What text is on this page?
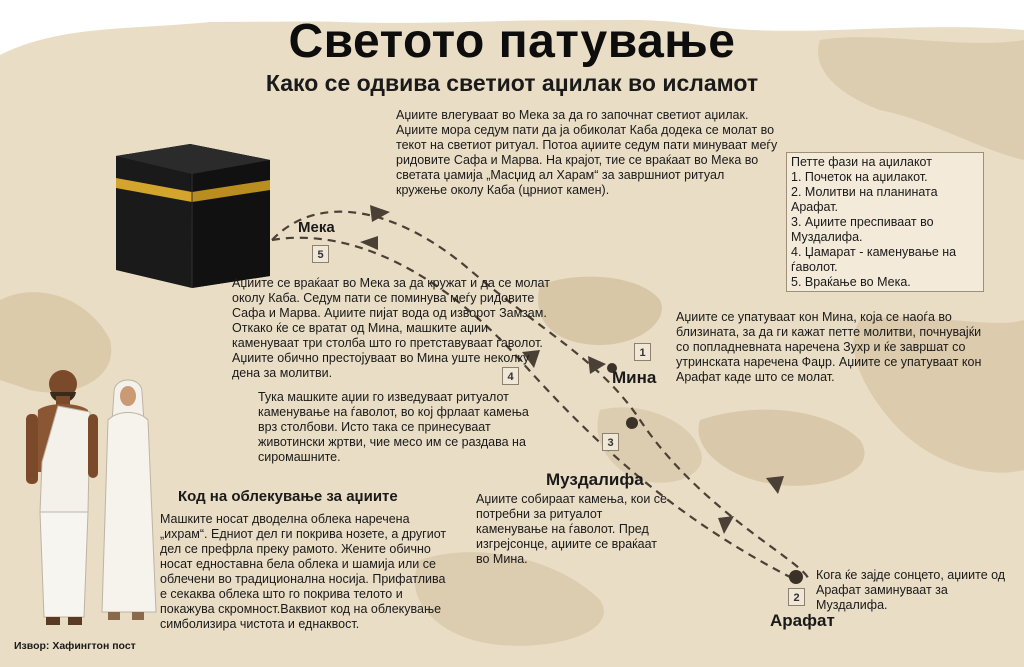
Светото патување
Како се одвива светиот аџилак во исламот
5
1
4
3
2
Мека
Мина
Муздалифа
Арафат
Аџиите влегуваат во Мека за да го започнат светиот аџилак. Аџиите мора седум пати да ја обиколат Каба додека се молат во текот на светиот ритуал. Потоа аџиите седум пати минуваат меѓу ридовите Сафа и Марва. На крајот, тие се враќаат во Мека во светата џамија „Масџид ал Харам“ за завршниот ритуал кружење околу Каба (црниот камен).
Петте фази на аџилакот
1. Почеток на аџилакот.
2. Молитви на планината Арафат.
3. Аџиите преспиваат во Муздалифа.
4. Џамарат - каменување на ѓаволот.
5. Враќање во Мека.
Аџиите се враќаат во Мека за да кружат и да се молат околу Каба. Седум пати се поминува меѓу ридовите Сафа и Марва. Аџиите пијат вода од изворот Замзам. Откако ќе се вратат од Мина, машките аџии каменуваат три столба што го претставуваат ѓаволот. Аџиите обично престојуваат во Мина уште неколку дена за молитви.
Тука машките аџии го изведуваат ритуалот каменување на ѓаволот, во кој фрлаат камења врз столбови. Исто така се принесуваат животински жртви, чие месо им се раздава на сиромашните.
Аџиите се упатуваат кон Мина, која се наоѓа во близината, за да ги кажат петте молитви, почнувајќи со попладневната наречена Зухр и ќе завршат со утринската наречена Фаџр. Аџиите се упатуваат кон Арафат каде што се молат.
Аџиите собираат камења, кои се потребни за ритуалот каменување на ѓаволот. Пред изгрејсонце, аџиите се враќаат во Мина.
Кога ќе зајде сонцето, аџиите од Арафат заминуваат за Муздалифа.
Код на облекување за аџиите
Машките носат дводелна облека наречена „ихрам“. Едниот дел ги покрива нозете, а другиот дел се префрла преку рамото. Жените обично носат едноставна бела облека и шамија или се облечени во традиционална носија. Прифатлива е секаква облека што го покрива телото и покажува скромност.Ваквиот код на облекување симболизира чистота и еднаквост.
Извор: Хафингтон пост
